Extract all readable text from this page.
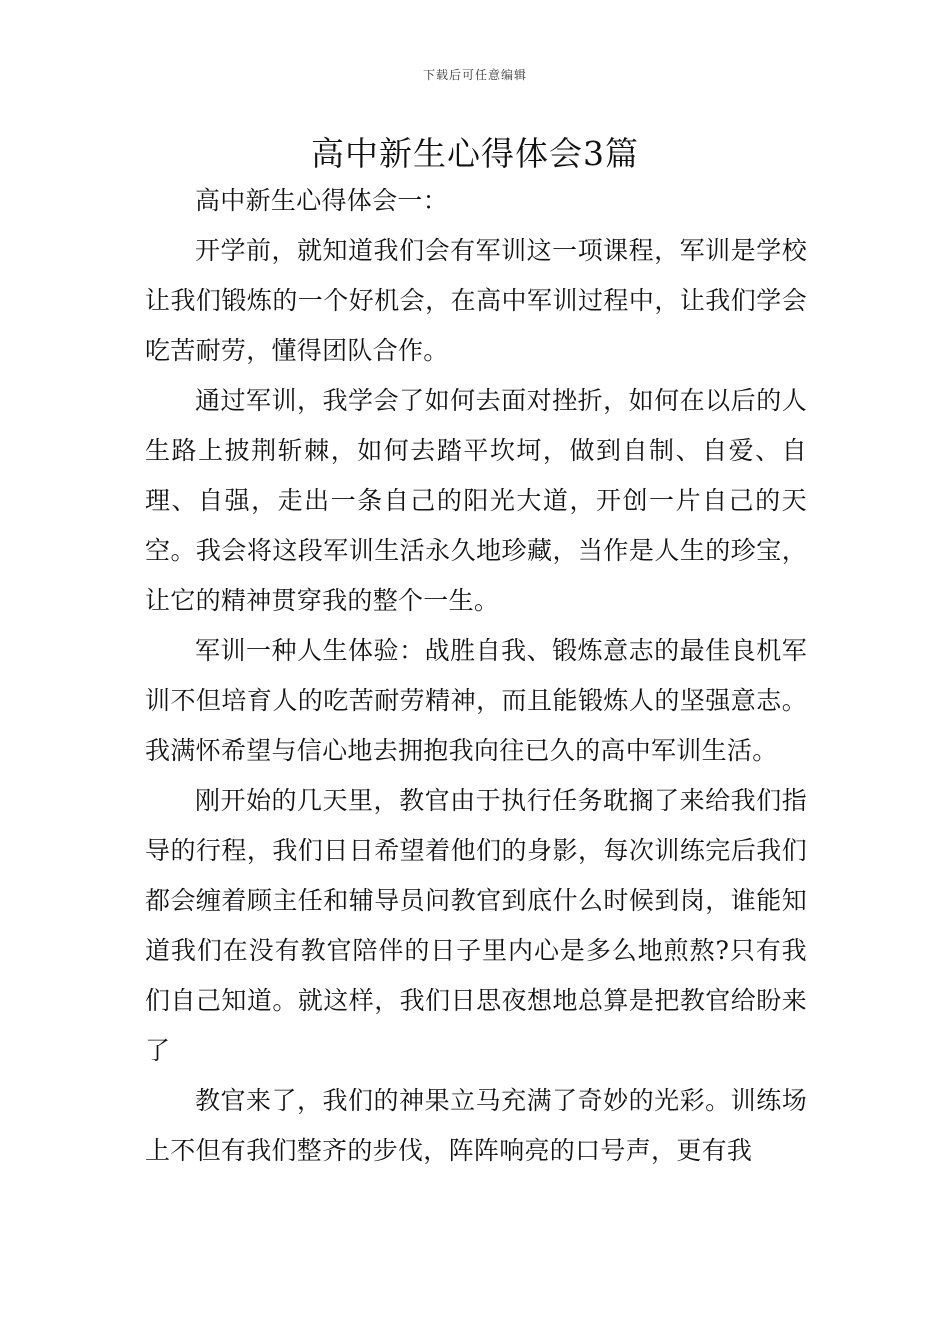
下载后可任意编辑
高中新生心得体会3篇

高中新生心得体会一：

开学前，就知道我们会有军训这一项课程，军训是学校让我们锻炼的一个好机会，在高中军训过程中，让我们学会吃苦耐劳，懂得团队合作。

通过军训，我学会了如何去面对挫折，如何在以后的人生路上披荆斩棘，如何去踏平坎坷，做到自制、自爱、自理、自强，走出一条自己的阳光大道，开创一片自己的天空。我会将这段军训生活永久地珍藏，当作是人生的珍宝，让它的精神贯穿我的整个一生。

军训一种人生体验：战胜自我、锻炼意志的最佳良机军训不但培育人的吃苦耐劳精神，而且能锻炼人的坚强意志。我满怀希望与信心地去拥抱我向往已久的高中军训生活。

刚开始的几天里，教官由于执行任务耽搁了来给我们指导的行程，我们日日希望着他们的身影，每次训练完后我们都会缠着顾主任和辅导员问教官到底什么时候到岗，谁能知道我们在没有教官陪伴的日子里内心是多么地煎熬?只有我们自己知道。就这样，我们日思夜想地总算是把教官给盼来了

教官来了，我们的神果立马充满了奇妙的光彩。训练场上不但有我们整齐的步伐，阵阵响亮的口号声，更有我
